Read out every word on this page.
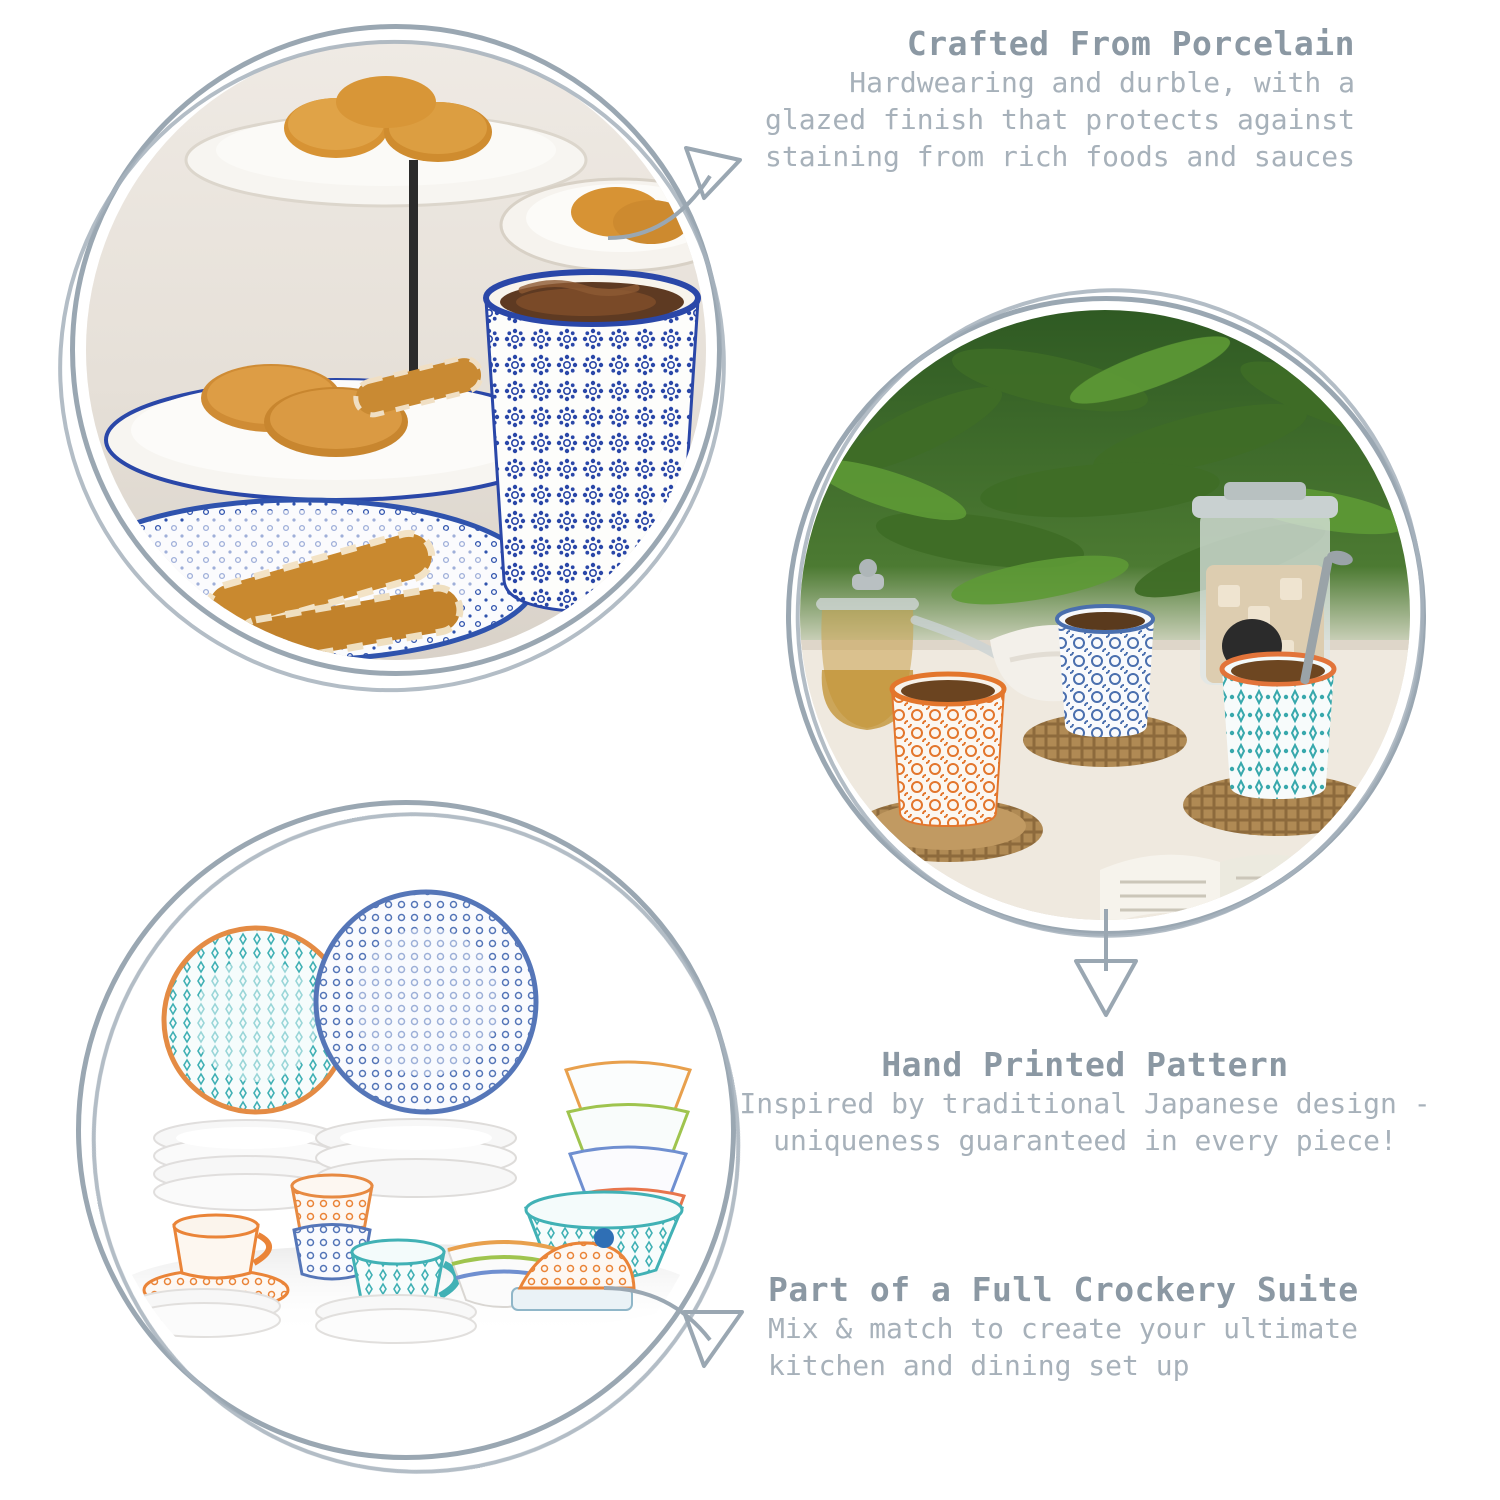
Crafted From Porcelain
Hardwearing and durble, with a glazed finish that protects against staining from rich foods and sauces
Hand Printed Pattern
Inspired by traditional Japanese design - uniqueness guaranteed in every piece!
Part of a Full Crockery Suite
Mix & match to create your ultimate kitchen and dining set up
